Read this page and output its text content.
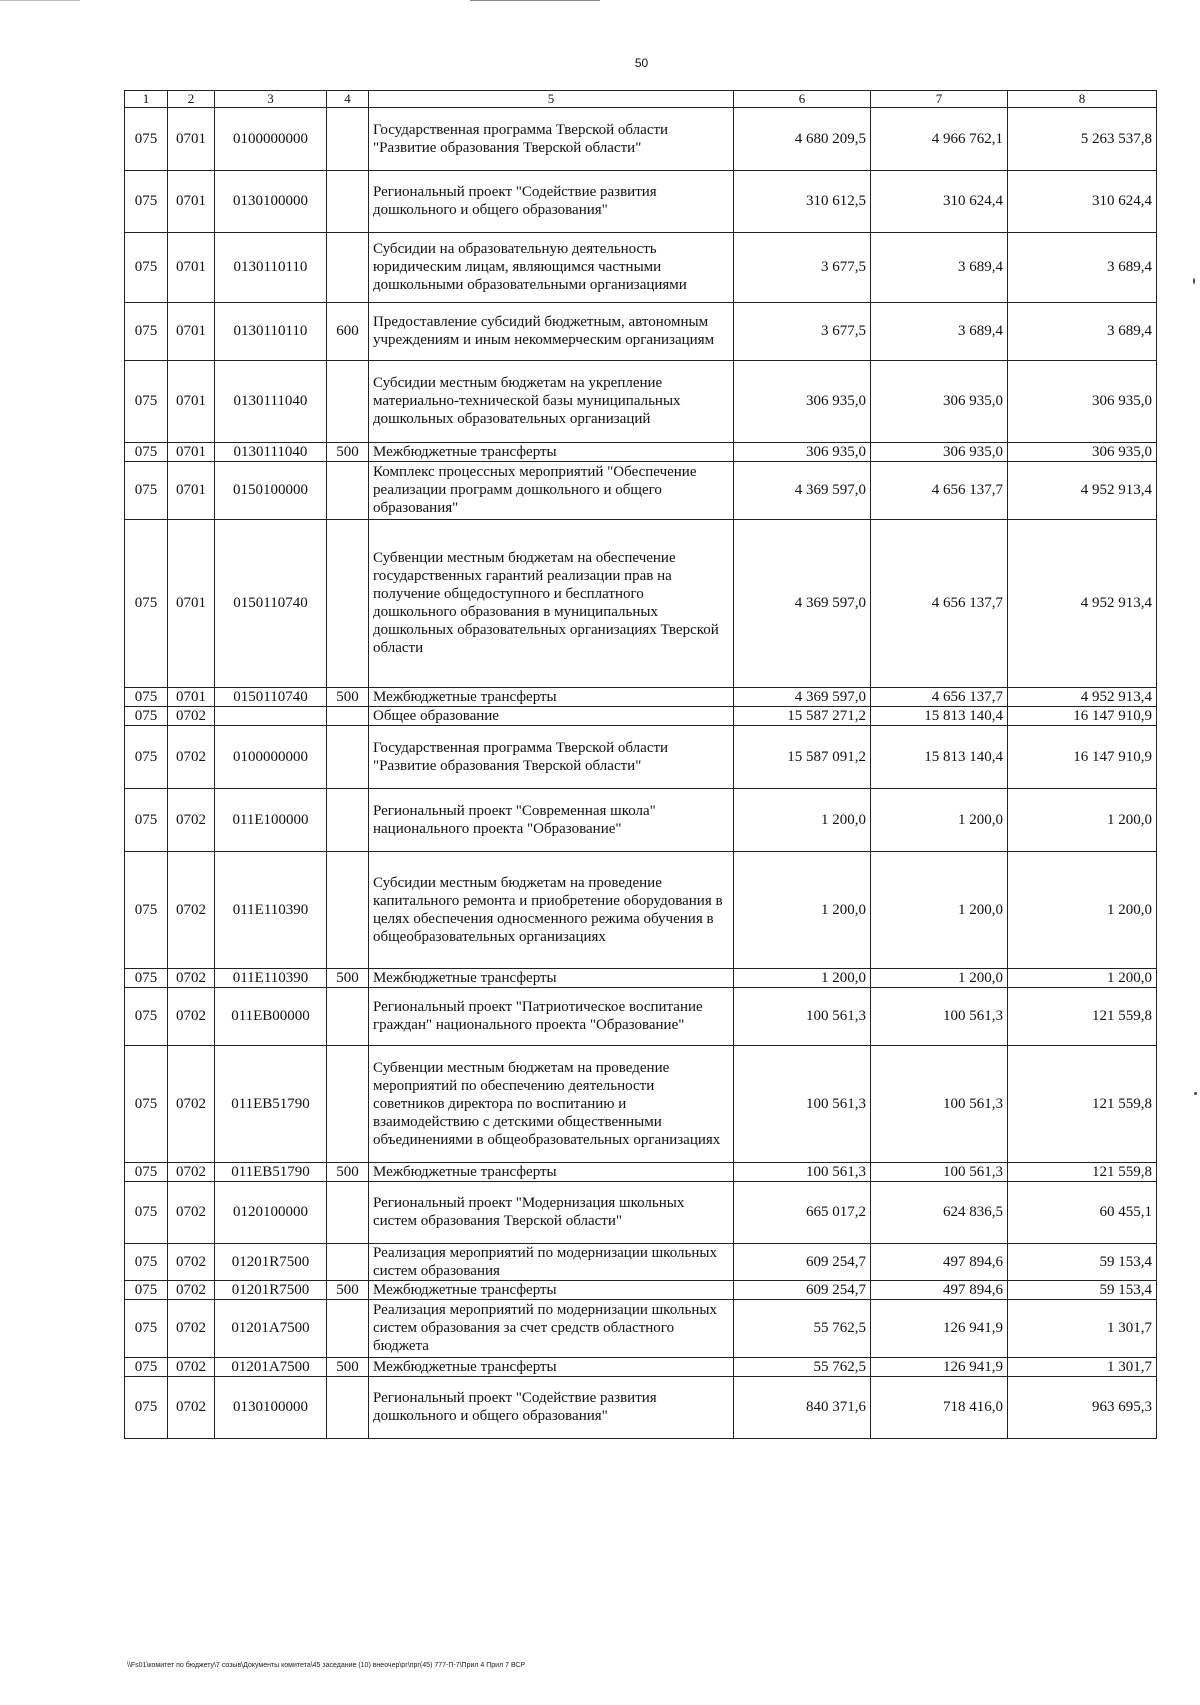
50
1	2	3	4	5	6	7	8
075	0701	0100000000		Государственная программа Тверской области "Развитие образования Тверской области"	4 680 209,5	4 966 762,1	5 263 537,8
075	0701	0130100000		Региональный проект "Содействие развития дошкольного и общего образования"	310 612,5	310 624,4	310 624,4
075	0701	0130110110		Субсидии на образовательную деятельность юридическим лицам, являющимся частными дошкольными образовательными организациями	3 677,5	3 689,4	3 689,4
075	0701	0130110110	600	Предоставление субсидий бюджетным, автономным учреждениям и иным некоммерческим организациям	3 677,5	3 689,4	3 689,4
075	0701	0130111040		Субсидии местным бюджетам на укрепление материально-технической базы муниципальных дошкольных образовательных организаций	306 935,0	306 935,0	306 935,0
075	0701	0130111040	500	Межбюджетные трансферты	306 935,0	306 935,0	306 935,0
075	0701	0150100000		Комплекс процессных мероприятий "Обеспечение реализации программ дошкольного и общего образования"	4 369 597,0	4 656 137,7	4 952 913,4
075	0701	0150110740		Субвенции местным бюджетам на обеспечение государственных гарантий реализации прав на получение общедоступного и бесплатного дошкольного образования в муниципальных дошкольных образовательных организациях Тверской области	4 369 597,0	4 656 137,7	4 952 913,4
075	0701	0150110740	500	Межбюджетные трансферты	4 369 597,0	4 656 137,7	4 952 913,4
075	0702			Общее образование	15 587 271,2	15 813 140,4	16 147 910,9
075	0702	0100000000		Государственная программа Тверской области "Развитие образования Тверской области"	15 587 091,2	15 813 140,4	16 147 910,9
075	0702	011E100000		Региональный проект "Современная школа" национального проекта "Образование"	1 200,0	1 200,0	1 200,0
075	0702	011E110390		Субсидии местным бюджетам на проведение капитального ремонта и приобретение оборудования в целях обеспечения односменного режима обучения в общеобразовательных организациях	1 200,0	1 200,0	1 200,0
075	0702	011E110390	500	Межбюджетные трансферты	1 200,0	1 200,0	1 200,0
075	0702	011EB00000		Региональный проект "Патриотическое воспитание граждан" национального проекта "Образование"	100 561,3	100 561,3	121 559,8
075	0702	011EB51790		Субвенции местным бюджетам на проведение мероприятий по обеспечению деятельности советников директора по воспитанию и взаимодействию с детскими общественными объединениями в общеобразовательных организациях	100 561,3	100 561,3	121 559,8
075	0702	011EB51790	500	Межбюджетные трансферты	100 561,3	100 561,3	121 559,8
075	0702	0120100000		Региональный проект "Модернизация школьных систем образования Тверской области"	665 017,2	624 836,5	60 455,1
075	0702	01201R7500		Реализация мероприятий по модернизации школьных систем образования	609 254,7	497 894,6	59 153,4
075	0702	01201R7500	500	Межбюджетные трансферты	609 254,7	497 894,6	59 153,4
075	0702	01201A7500		Реализация мероприятий по модернизации школьных систем образования за счет средств областного бюджета	55 762,5	126 941,9	1 301,7
075	0702	01201A7500	500	Межбюджетные трансферты	55 762,5	126 941,9	1 301,7
075	0702	0130100000		Региональный проект "Содействие развития дошкольного и общего образования"	840 371,6	718 416,0	963 695,3
\\Fs01\комитет по бюджету\7 созыв\Документы комитета\45 заседание (10) внеочер\рг\прг(45) 777-П-7\Прил 4 Прил 7 ВСР
